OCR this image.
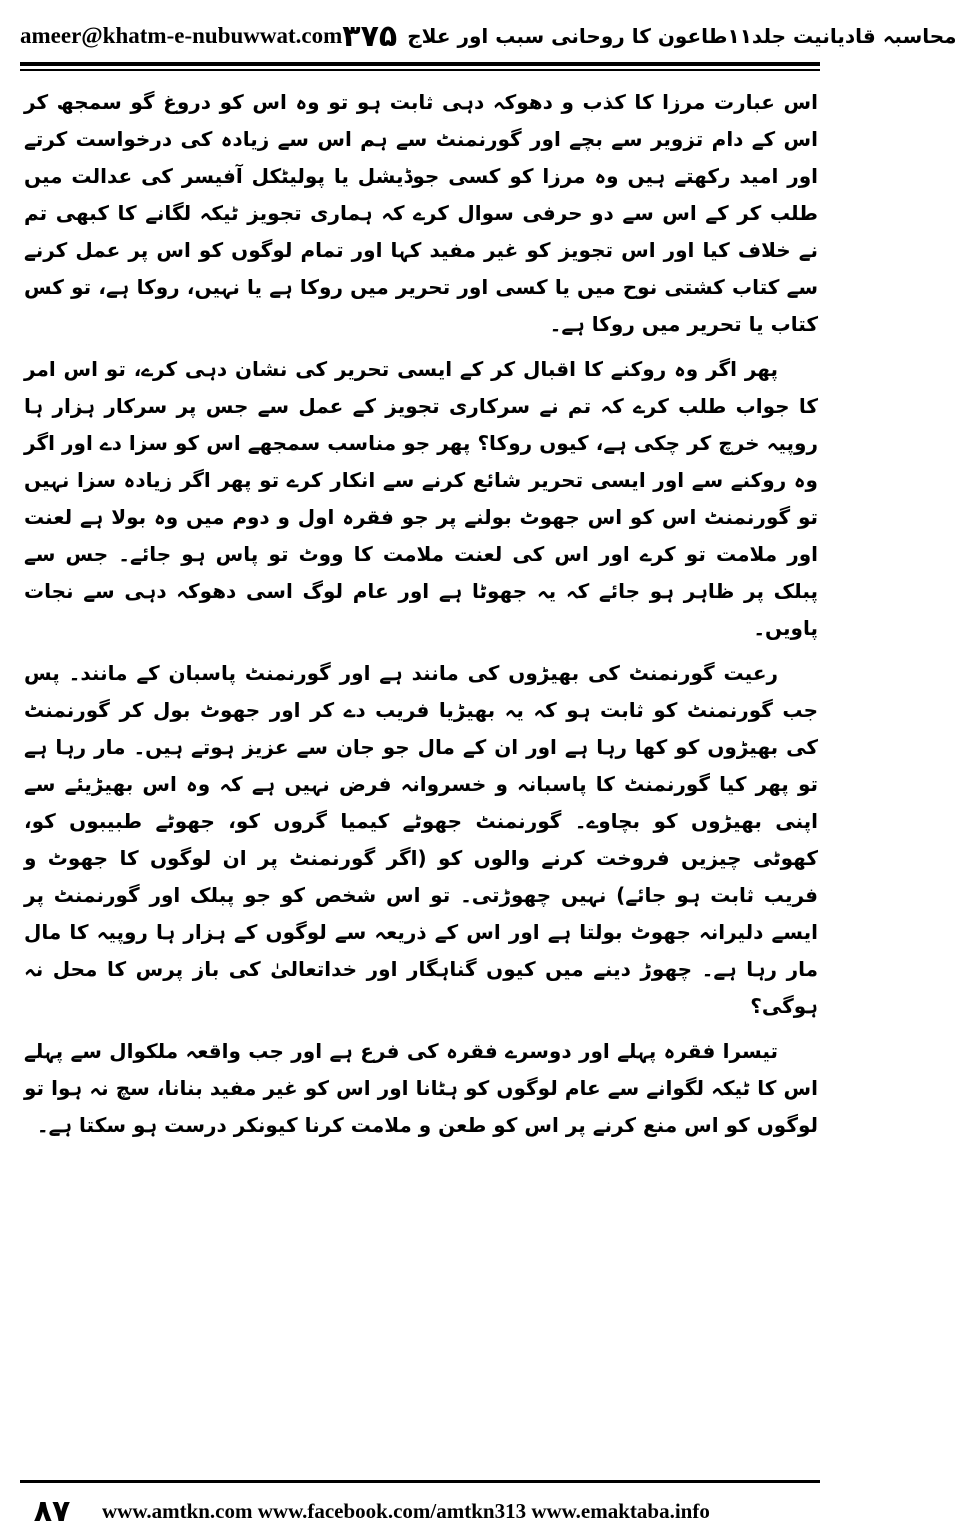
ameer@khatm-e-nubuwwat.com	محاسبہ قادیانیت جلد۱۱طاعون کا روحانی سبب اور علاج
۳۷۵

اس عبارت مرزا کا کذب و دھوکہ دہی ثابت ہو تو وہ اس کو دروغ گو سمجھ کر اس کے دام تزویر سے بچے اور گورنمنٹ سے ہم اس سے زیادہ کی درخواست کرتے اور امید رکھتے ہیں وہ مرزا کو کسی جوڈیشل یا پولیٹکل آفیسر کی عدالت میں طلب کر کے اس سے دو حرفی سوال کرے کہ ہماری تجویز ٹیکہ لگانے کا کبھی تم نے خلاف کیا اور اس تجویز کو غیر مفید کہا اور تمام لوگوں کو اس پر عمل کرنے سے کتاب کشتی نوح میں یا کسی اور تحریر میں روکا ہے یا نہیں، روکا ہے، تو کس کتاب یا تحریر میں روکا ہے۔

پھر اگر وہ روکنے کا اقبال کر کے ایسی تحریر کی نشان دہی کرے، تو اس امر کا جواب طلب کرے کہ تم نے سرکاری تجویز کے عمل سے جس پر سرکار ہزار ہا روپیہ خرچ کر چکی ہے، کیوں روکا؟ پھر جو مناسب سمجھے اس کو سزا دے اور اگر وہ روکنے سے اور ایسی تحریر شائع کرنے سے انکار کرے تو پھر اگر زیادہ سزا نہیں تو گورنمنٹ اس کو اس جھوٹ بولنے پر جو فقرہ اول و دوم میں وہ بولا ہے لعنت اور ملامت تو کرے اور اس کی لعنت ملامت کا ووٹ تو پاس ہو جائے۔ جس سے پبلک پر ظاہر ہو جائے کہ یہ جھوٹا ہے اور عام لوگ اسی دھوکہ دہی سے نجات پاویں۔

رعیت گورنمنٹ کی بھیڑوں کی مانند ہے اور گورنمنٹ پاسبان کے مانند۔ پس جب گورنمنٹ کو ثابت ہو کہ یہ بھیڑیا فریب دے کر اور جھوٹ بول کر گورنمنٹ کی بھیڑوں کو کھا رہا ہے اور ان کے مال جو جان سے عزیز ہوتے ہیں۔ مار رہا ہے تو پھر کیا گورنمنٹ کا پاسبانہ و خسروانہ فرض نہیں ہے کہ وہ اس بھیڑیئے سے اپنی بھیڑوں کو بچاوے۔ گورنمنٹ جھوٹے کیمیا گروں کو، جھوٹے طبیبوں کو، کھوٹی چیزیں فروخت کرنے والوں کو (اگر گورنمنٹ پر ان لوگوں کا جھوٹ و فریب ثابت ہو جائے) نہیں چھوڑتی۔ تو اس شخص کو جو پبلک اور گورنمنٹ پر ایسے دلیرانہ جھوٹ بولتا ہے اور اس کے ذریعہ سے لوگوں کے ہزار ہا روپیہ کا مال مار رہا ہے۔ چھوڑ دینے میں کیوں گناہگار اور خداتعالیٰ کی باز پرس کا محل نہ ہوگی؟

تیسرا فقرہ پہلے اور دوسرے فقرہ کی فرع ہے اور جب واقعہ ملکوال سے پہلے اس کا ٹیکہ لگوانے سے عام لوگوں کو ہٹانا اور اس کو غیر مفید بنانا، سچ نہ ہوا تو لوگوں کو اس منع کرنے پر اس کو طعن و ملامت کرنا کیونکر درست ہو سکتا ہے۔

۸۷	www.amtkn.com www.facebook.com/amtkn313 www.emaktaba.info
